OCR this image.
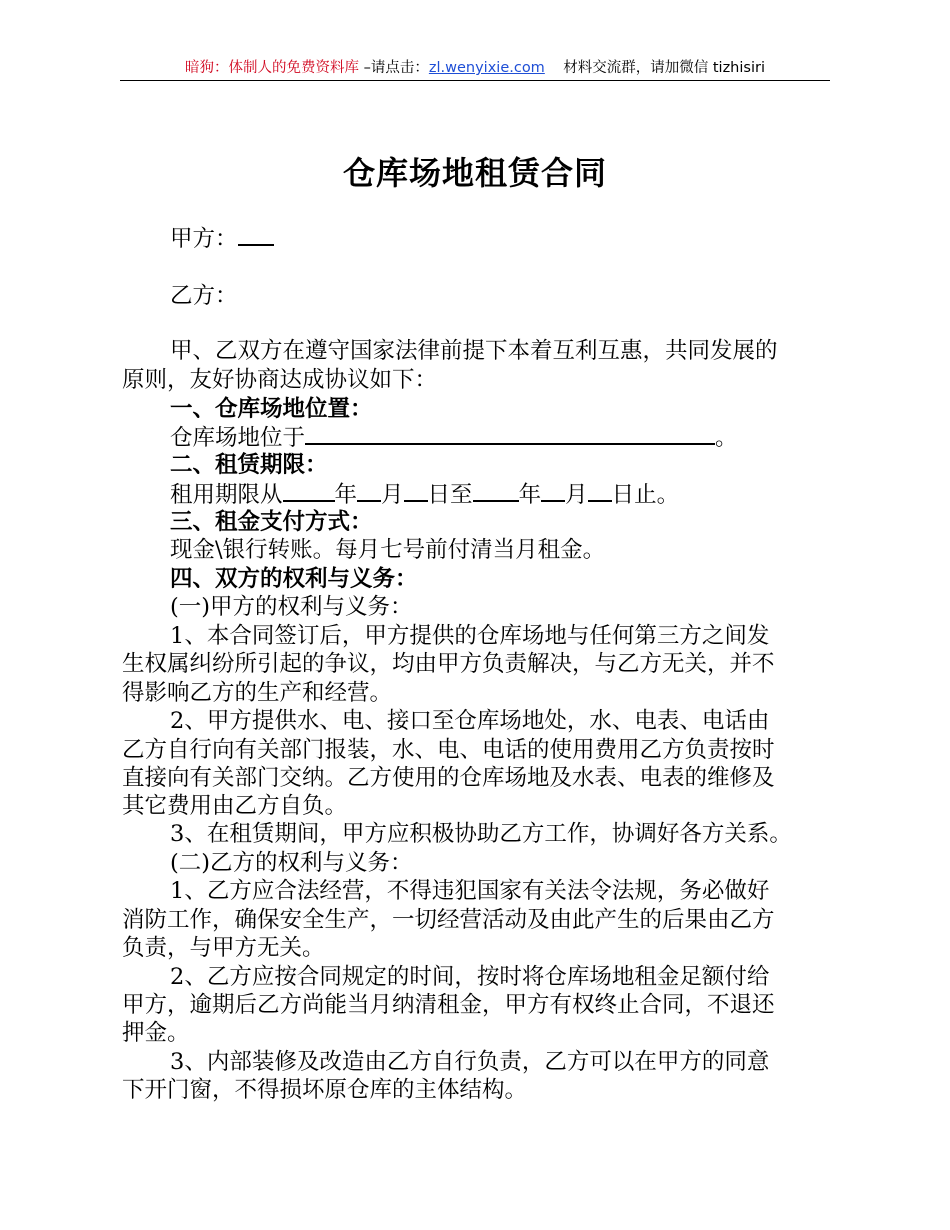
暗狗：体制人的免费资料库 –请点击：zl.wenyixie.com 材料交流群，请加微信 tizhisiri
仓库场地租赁合同
甲方：
乙方：
甲、乙双方在遵守国家法律前提下本着互利互惠，共同发展的
原则，友好协商达成协议如下：
一、仓库场地位置：
仓库场地位于	。
二、租赁期限：
租用期限从 年 月 日至 年 月 日止。
三、租金支付方式：
现金\银行转账。每月七号前付清当月租金。
四、双方的权利与义务：
(一)甲方的权利与义务：
1、本合同签订后，甲方提供的仓库场地与任何第三方之间发
生权属纠纷所引起的争议，均由甲方负责解决，与乙方无关，并不
得影响乙方的生产和经营。
2、甲方提供水、电、接口至仓库场地处，水、电表、电话由
乙方自行向有关部门报装，水、电、电话的使用费用乙方负责按时
直接向有关部门交纳。乙方使用的仓库场地及水表、电表的维修及
其它费用由乙方自负。
3、在租赁期间，甲方应积极协助乙方工作，协调好各方关系。
(二)乙方的权利与义务：
1、乙方应合法经营，不得违犯国家有关法令法规，务必做好
消防工作，确保安全生产，一切经营活动及由此产生的后果由乙方
负责，与甲方无关。
2、乙方应按合同规定的时间，按时将仓库场地租金足额付给
甲方，逾期后乙方尚能当月纳清租金，甲方有权终止合同，不退还
押金。
3、内部装修及改造由乙方自行负责，乙方可以在甲方的同意
下开门窗，不得损坏原仓库的主体结构。
